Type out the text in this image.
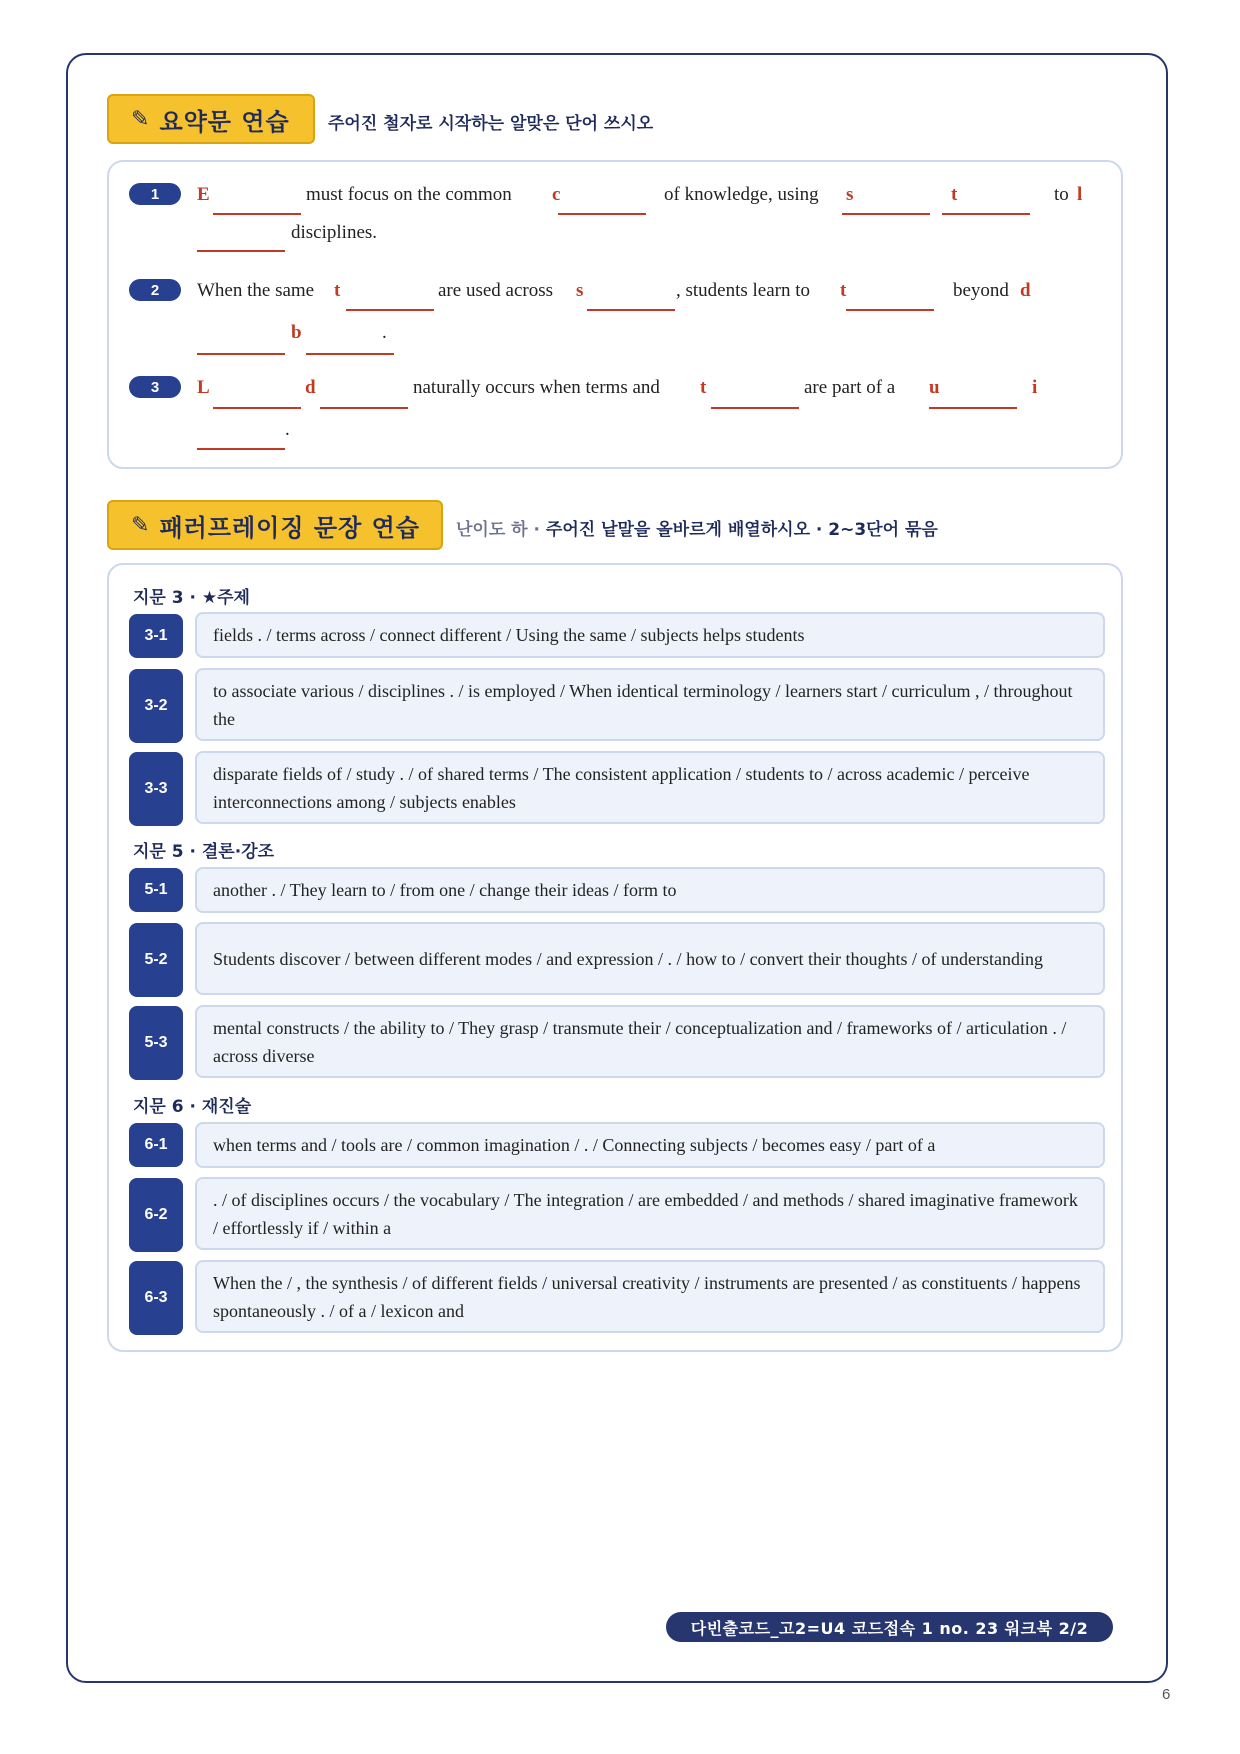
✎ 요약문 연습 주어진 철자로 시작하는 알맞은 단어 쓰시오
1	E	must focus on the common c	of knowledge, using s	t	to l
disciplines.
2	When the same t	are used across s	, students learn to t	beyond d
b	.
3	L	d	naturally occurs when terms and t	are part of a u	i
.
✎ 패러프레이징 문장 연습 난이도 하 · 주어진 낱말을 올바르게 배열하시오 · 2~3단어 묶음
지문 3 · ★주제
3-1	fields . / terms across / connect different / Using the same / subjects helps students
3-2
to associate various / disciplines . / is employed / When identical terminology / learners start / curriculum , / throughout the
3-3
disparate fields of / study . / of shared terms / The consistent application / students to / across academic / perceive interconnections among / subjects enables
지문 5 · 결론·강조
5-1	another . / They learn to / from one / change their ideas / form to
5-2	Students discover / between different modes / and expression / . / how to / convert their thoughts / of understanding
5-3
mental constructs / the ability to / They grasp / transmute their / conceptualization and / frameworks of / articulation . / across diverse
지문 6 · 재진술
6-1	when terms and / tools are / common imagination / . / Connecting subjects / becomes easy / part of a
6-2
. / of disciplines occurs / the vocabulary / The integration / are embedded / and methods / shared imaginative framework / effortlessly if / within a
6-3
When the / , the synthesis / of different fields / universal creativity / instruments are presented / as constituents / happens spontaneously . / of a / lexicon and
다빈출코드_고2=U4 코드접속 1 no. 23 워크북 2/2
6
